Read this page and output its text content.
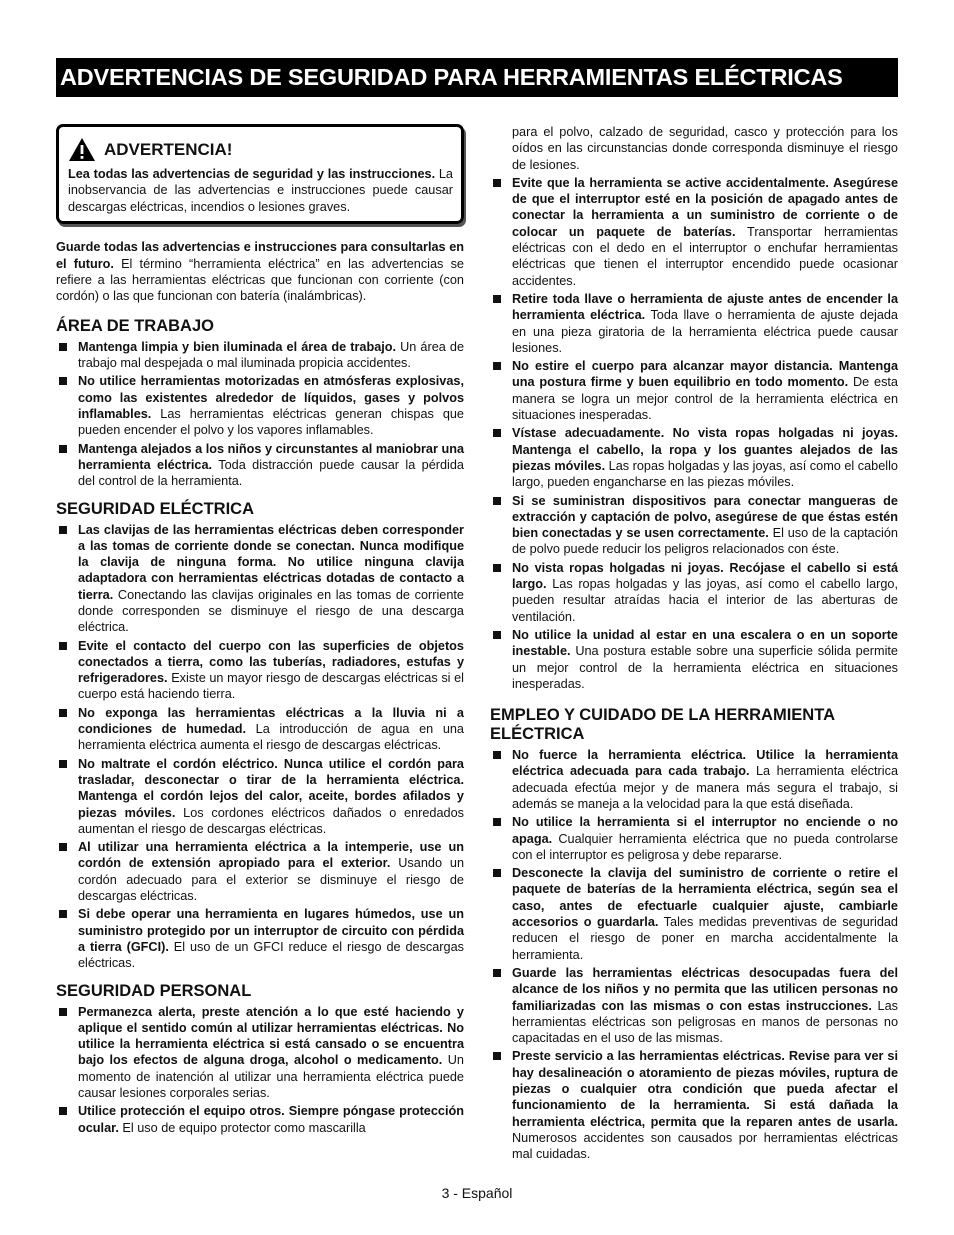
ADVERTENCIAS DE SEGURIDAD PARA HERRAMIENTAS ELÉCTRICAS
ADVERTENCIA!
Lea todas las advertencias de seguridad y las instrucciones. La inobservancia de las advertencias e instrucciones puede causar descargas eléctricas, incendios o lesiones graves.

Guarde todas las advertencias e instrucciones para consultarlas en el futuro. El término “herramienta eléctrica” en las advertencias se refiere a las herramientas eléctricas que funcionan con corriente (con cordón) o las que funcionan con batería (inalámbricas).

ÁREA DE TRABAJO
Mantenga limpia y bien iluminada el área de trabajo. Un área de trabajo mal despejada o mal iluminada propicia accidentes.
No utilice herramientas motorizadas en atmósferas explosivas, como las existentes alrededor de líquidos, gases y polvos inflamables. Las herramientas eléctricas generan chispas que pueden encender el polvo y los vapores inflamables.
Mantenga alejados a los niños y circunstantes al maniobrar una herramienta eléctrica. Toda distracción puede causar la pérdida del control de la herramienta.
SEGURIDAD ELÉCTRICA
Las clavijas de las herramientas eléctricas deben corresponder a las tomas de corriente donde se conectan. Nunca modifique la clavija de ninguna forma. No utilice ninguna clavija adaptadora con herramientas eléctricas dotadas de contacto a tierra. Conectando las clavijas originales en las tomas de corriente donde corresponden se disminuye el riesgo de una descarga eléctrica.
Evite el contacto del cuerpo con las superficies de objetos conectados a tierra, como las tuberías, radiadores, estufas y refrigeradores. Existe un mayor riesgo de descargas eléctricas si el cuerpo está haciendo tierra.
No exponga las herramientas eléctricas a la lluvia ni a condiciones de humedad. La introducción de agua en una herramienta eléctrica aumenta el riesgo de descargas eléctricas.
No maltrate el cordón eléctrico. Nunca utilice el cordón para trasladar, desconectar o tirar de la herramienta eléctrica. Mantenga el cordón lejos del calor, aceite, bordes afilados y piezas móviles. Los cordones eléctricos dañados o enredados aumentan el riesgo de descargas eléctricas.
Al utilizar una herramienta eléctrica a la intemperie, use un cordón de extensión apropiado para el exterior. Usando un cordón adecuado para el exterior se disminuye el riesgo de descargas eléctricas.
Si debe operar una herramienta en lugares húmedos, use un suministro protegido por un interruptor de circuito con pérdida a tierra (GFCI). El uso de un GFCI reduce el riesgo de descargas eléctricas.
SEGURIDAD PERSONAL
Permanezca alerta, preste atención a lo que esté haciendo y aplique el sentido común al utilizar herramientas eléctricas. No utilice la herramienta eléctrica si está cansado o se encuentra bajo los efectos de alguna droga, alcohol o medicamento. Un momento de inatención al utilizar una herramienta eléctrica puede causar lesiones corporales serias.
Utilice protección el equipo otros. Siempre póngase protección ocular. El uso de equipo protector como mascarilla

para el polvo, calzado de seguridad, casco y protección para los oídos en las circunstancias donde corresponda disminuye el riesgo de lesiones.

Evite que la herramienta se active accidentalmente. Asegúrese de que el interruptor esté en la posición de apagado antes de conectar la herramienta a un suministro de corriente o de colocar un paquete de baterías. Transportar herramientas eléctricas con el dedo en el interruptor o enchufar herramientas eléctricas que tienen el interruptor encendido puede ocasionar accidentes.
Retire toda llave o herramienta de ajuste antes de encender la herramienta eléctrica. Toda llave o herramienta de ajuste dejada en una pieza giratoria de la herramienta eléctrica puede causar lesiones.
No estire el cuerpo para alcanzar mayor distancia. Mantenga una postura firme y buen equilibrio en todo momento. De esta manera se logra un mejor control de la herramienta eléctrica en situaciones inesperadas.
Vístase adecuadamente. No vista ropas holgadas ni joyas. Mantenga el cabello, la ropa y los guantes alejados de las piezas móviles. Las ropas holgadas y las joyas, así como el cabello largo, pueden engancharse en las piezas móviles.
Si se suministran dispositivos para conectar mangueras de extracción y captación de polvo, asegúrese de que éstas estén bien conectadas y se usen correctamente. El uso de la captación de polvo puede reducir los peligros relacionados con éste.
No vista ropas holgadas ni joyas. Recójase el cabello si está largo. Las ropas holgadas y las joyas, así como el cabello largo, pueden resultar atraídas hacia el interior de las aberturas de ventilación.
No utilice la unidad al estar en una escalera o en un soporte inestable. Una postura estable sobre una superficie sólida permite un mejor control de la herramienta eléctrica en situaciones inesperadas.
EMPLEO Y CUIDADO DE LA HERRAMIENTA ELÉCTRICA
No fuerce la herramienta eléctrica. Utilice la herramienta eléctrica adecuada para cada trabajo. La herramienta eléctrica adecuada efectúa mejor y de manera más segura el trabajo, si además se maneja a la velocidad para la que está diseñada.
No utilice la herramienta si el interruptor no enciende o no apaga. Cualquier herramienta eléctrica que no pueda controlarse con el interruptor es peligrosa y debe repararse.
Desconecte la clavija del suministro de corriente o retire el paquete de baterías de la herramienta eléctrica, según sea el caso, antes de efectuarle cualquier ajuste, cambiarle accesorios o guardarla. Tales medidas preventivas de seguridad reducen el riesgo de poner en marcha accidentalmente la herramienta.
Guarde las herramientas eléctricas desocupadas fuera del alcance de los niños y no permita que las utilicen personas no familiarizadas con las mismas o con estas instrucciones. Las herramientas eléctricas son peligrosas en manos de personas no capacitadas en el uso de las mismas.
Preste servicio a las herramientas eléctricas. Revise para ver si hay desalineación o atoramiento de piezas móviles, ruptura de piezas o cualquier otra condición que pueda afectar el funcionamiento de la herramienta. Si está dañada la herramienta eléctrica, permita que la reparen antes de usarla. Numerosos accidentes son causados por herramientas eléctricas mal cuidadas.
3 - Español
